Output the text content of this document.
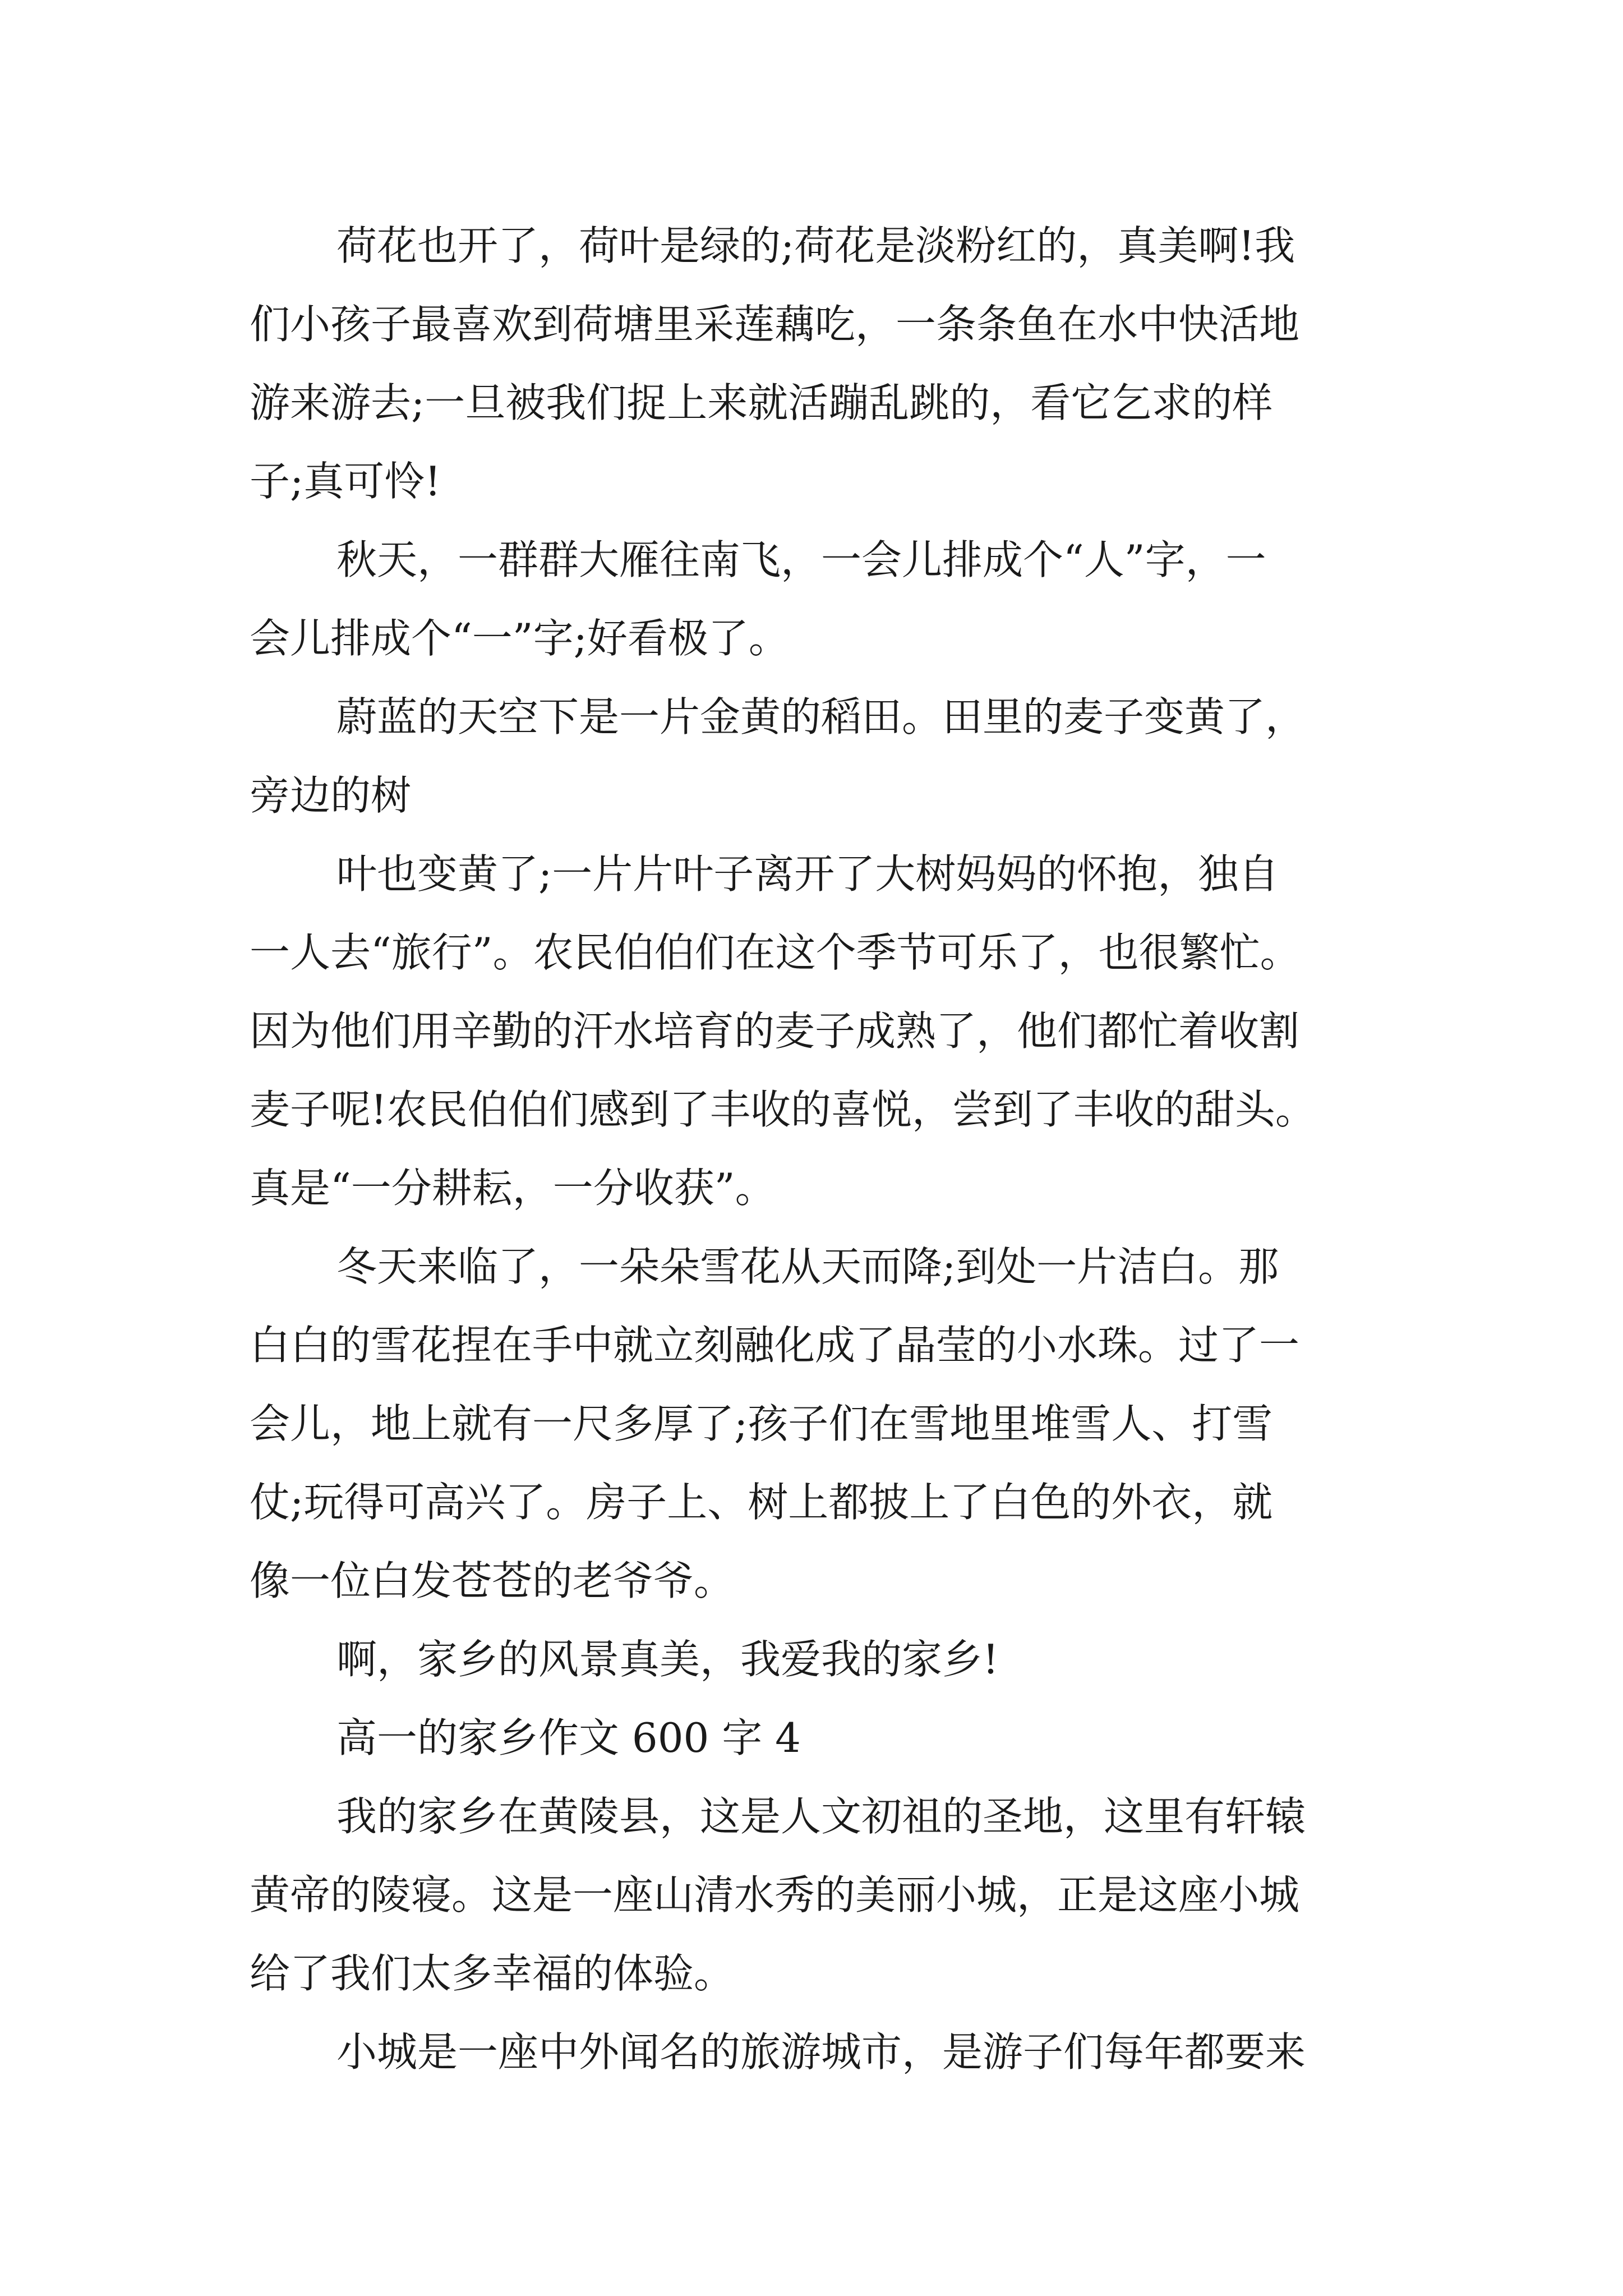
荷花也开了，荷叶是绿的;荷花是淡粉红的，真美啊!我
们小孩子最喜欢到荷塘里采莲藕吃，一条条鱼在水中快活地
游来游去;一旦被我们捉上来就活蹦乱跳的，看它乞求的样
子;真可怜!
秋天，一群群大雁往南飞，一会儿排成个“人”字，一
会儿排成个“一”字;好看极了。
蔚蓝的天空下是一片金黄的稻田。田里的麦子变黄了，
旁边的树
叶也变黄了;一片片叶子离开了大树妈妈的怀抱，独自
一人去“旅行”。农民伯伯们在这个季节可乐了，也很繁忙。
因为他们用辛勤的汗水培育的麦子成熟了，他们都忙着收割
麦子呢!农民伯伯们感到了丰收的喜悦，尝到了丰收的甜头。
真是“一分耕耘，一分收获”。
冬天来临了，一朵朵雪花从天而降;到处一片洁白。那
白白的雪花捏在手中就立刻融化成了晶莹的小水珠。过了一
会儿，地上就有一尺多厚了;孩子们在雪地里堆雪人、打雪
仗;玩得可高兴了。房子上、树上都披上了白色的外衣，就
像一位白发苍苍的老爷爷。
啊，家乡的风景真美，我爱我的家乡!
高一的家乡作文 600 字 4
我的家乡在黄陵县，这是人文初祖的圣地，这里有轩辕
黄帝的陵寝。这是一座山清水秀的美丽小城，正是这座小城
给了我们太多幸福的体验。
小城是一座中外闻名的旅游城市，是游子们每年都要来
